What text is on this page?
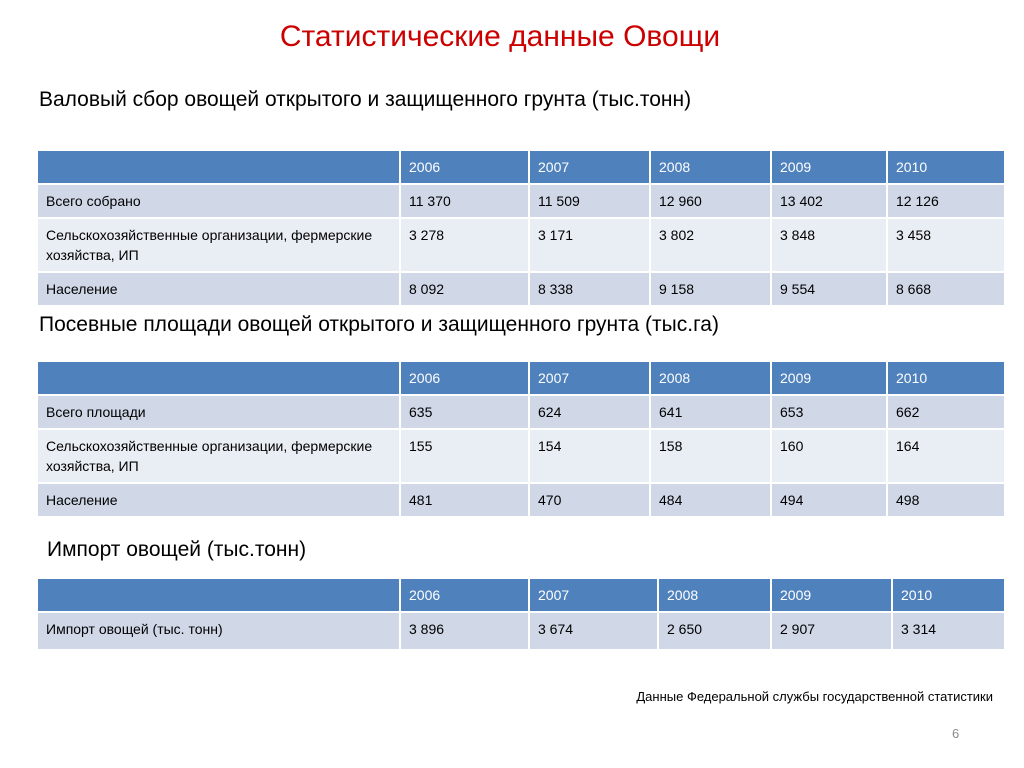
Статистические данные Овощи
Валовый сбор овощей открытого и защищенного грунта (тыс.тонн)
	2006	2007	2008	2009	2010
Всего собрано	11 370	11 509	12 960	13 402	12 126
Сельскохозяйственные организации, фермерские хозяйства, ИП	3 278	3 171	3 802	3 848	3 458
Население	8 092	8 338	9 158	9 554	8 668
Посевные площади овощей открытого и защищенного грунта (тыс.га)
	2006	2007	2008	2009	2010
Всего площади	635	624	641	653	662
Сельскохозяйственные организации, фермерские хозяйства, ИП	155	154	158	160	164
Население	481	470	484	494	498
Импорт овощей (тыс.тонн)
	2006	2007	2008	2009	2010
Импорт овощей (тыс. тонн)	3 896	3 674	2 650	2 907	3 314
Данные Федеральной службы государственной статистики
6
